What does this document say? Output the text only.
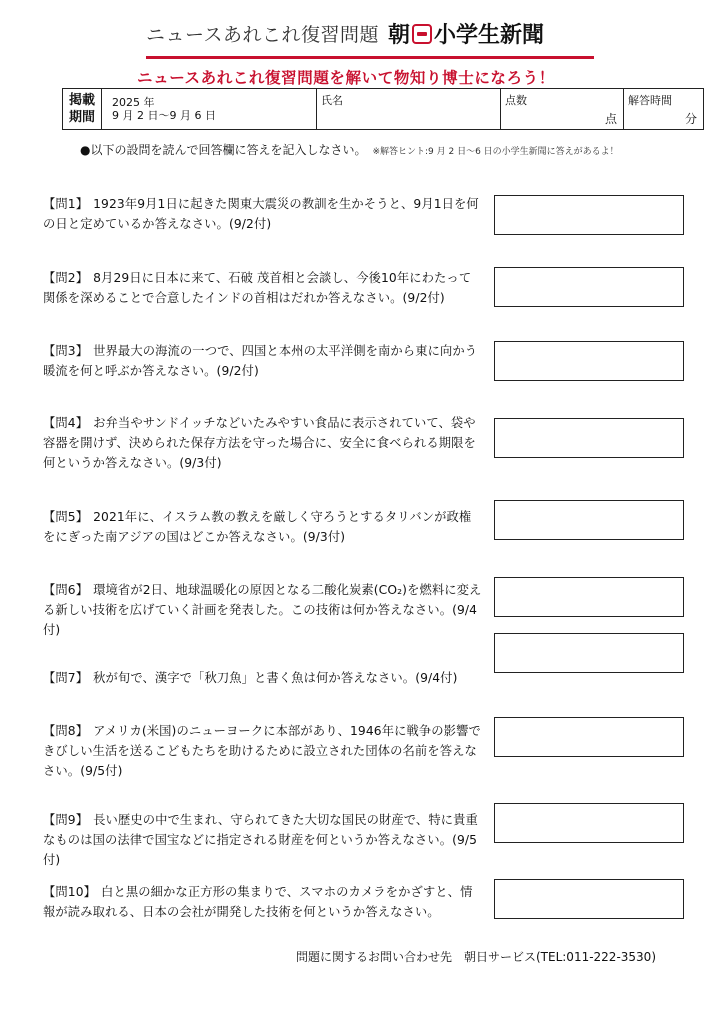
ニュースあれこれ復習問題 朝 小学生新聞
ニュースあれこれ復習問題を解いて物知り博士になろう！
掲載
期間
2025 年
9 月 2 日～9 月 6 日
氏名	点数
点
解答時間
分
●以下の設問を読んで回答欄に答えを記入しなさい。 ※解答ヒント:9 月 2 日～6 日の小学生新聞に答えがあるよ！
【問1】 1923年9月1日に起きた関東大震災の教訓を生かそうと、9月1日を何の日と定めているか答えなさい。(9/2付)
【問2】 8月29日に日本に来て、石破 茂首相と会談し、今後10年にわたって関係を深めることで合意したインドの首相はだれか答えなさい。(9/2付)
【問3】 世界最大の海流の一つで、四国と本州の太平洋側を南から東に向かう暖流を何と呼ぶか答えなさい。(9/2付)
【問4】 お弁当やサンドイッチなどいたみやすい食品に表示されていて、袋や容器を開けず、決められた保存方法を守った場合に、安全に食べられる期限を何というか答えなさい。(9/3付)
【問5】 2021年に、イスラム教の教えを厳しく守ろうとするタリバンが政権をにぎった南アジアの国はどこか答えなさい。(9/3付)
【問6】 環境省が2日、地球温暖化の原因となる二酸化炭素(CO₂)を燃料に変える新しい技術を広げていく計画を発表した。この技術は何か答えなさい。(9/4付)
【問7】 秋が旬で、漢字で「秋刀魚」と書く魚は何か答えなさい。(9/4付)
【問8】 アメリカ(米国)のニューヨークに本部があり、1946年に戦争の影響できびしい生活を送るこどもたちを助けるために設立された団体の名前を答えなさい。(9/5付)
【問9】 長い歴史の中で生まれ、守られてきた大切な国民の財産で、特に貴重なものは国の法律で国宝などに指定される財産を何というか答えなさい。(9/5付)
【問10】 白と黒の細かな正方形の集まりで、スマホのカメラをかざすと、情報が読み取れる、日本の会社が開発した技術を何というか答えなさい。
問題に関するお問い合わせ先　朝日サービス(TEL:011-222-3530)
